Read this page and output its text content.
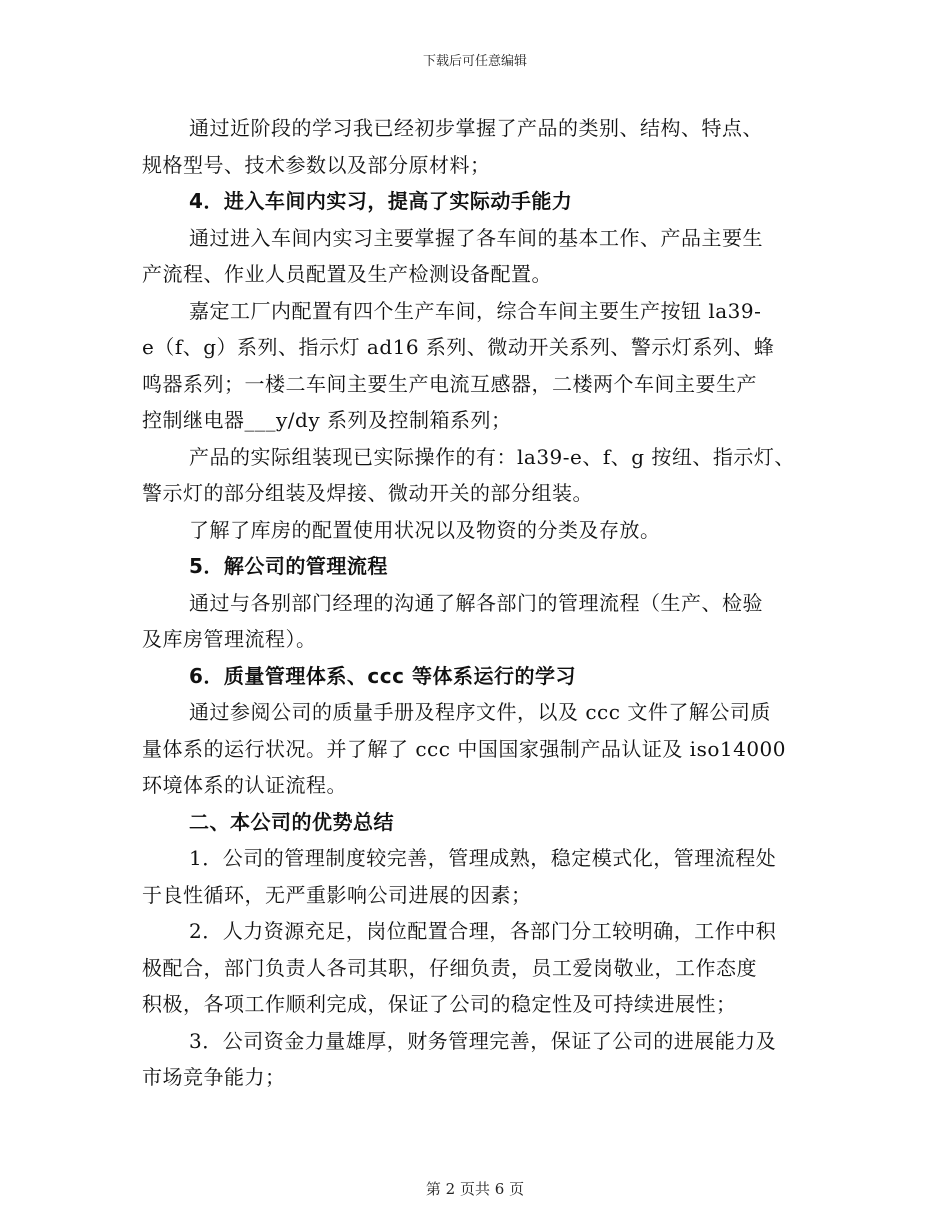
下载后可任意编辑
通过近阶段的学习我已经初步掌握了产品的类别、结构、特点、
规格型号、技术参数以及部分原材料；
4．进入车间内实习，提高了实际动手能力
通过进入车间内实习主要掌握了各车间的基本工作、产品主要生
产流程、作业人员配置及生产检测设备配置。
嘉定工厂内配置有四个生产车间，综合车间主要生产按钮 la39-
e（f、g）系列、指示灯 ad16 系列、微动开关系列、警示灯系列、蜂
鸣器系列；一楼二车间主要生产电流互感器，二楼两个车间主要生产
控制继电器___y/dy 系列及控制箱系列；
产品的实际组装现已实际操作的有：la39-e、f、g 按纽、指示灯、
警示灯的部分组装及焊接、微动开关的部分组装。
了解了库房的配置使用状况以及物资的分类及存放。
5．解公司的管理流程
通过与各别部门经理的沟通了解各部门的管理流程（生产、检验
及库房管理流程）。
6．质量管理体系、ccc 等体系运行的学习
通过参阅公司的质量手册及程序文件，以及 ccc 文件了解公司质
量体系的运行状况。并了解了 ccc 中国国家强制产品认证及 iso14000
环境体系的认证流程。
二、本公司的优势总结
1．公司的管理制度较完善，管理成熟，稳定模式化，管理流程处
于良性循环，无严重影响公司进展的因素；
2．人力资源充足，岗位配置合理，各部门分工较明确，工作中积
极配合，部门负责人各司其职，仔细负责，员工爱岗敬业，工作态度
积极，各项工作顺利完成，保证了公司的稳定性及可持续进展性；
3．公司资金力量雄厚，财务管理完善，保证了公司的进展能力及
市场竞争能力；
第 2 页共 6 页
